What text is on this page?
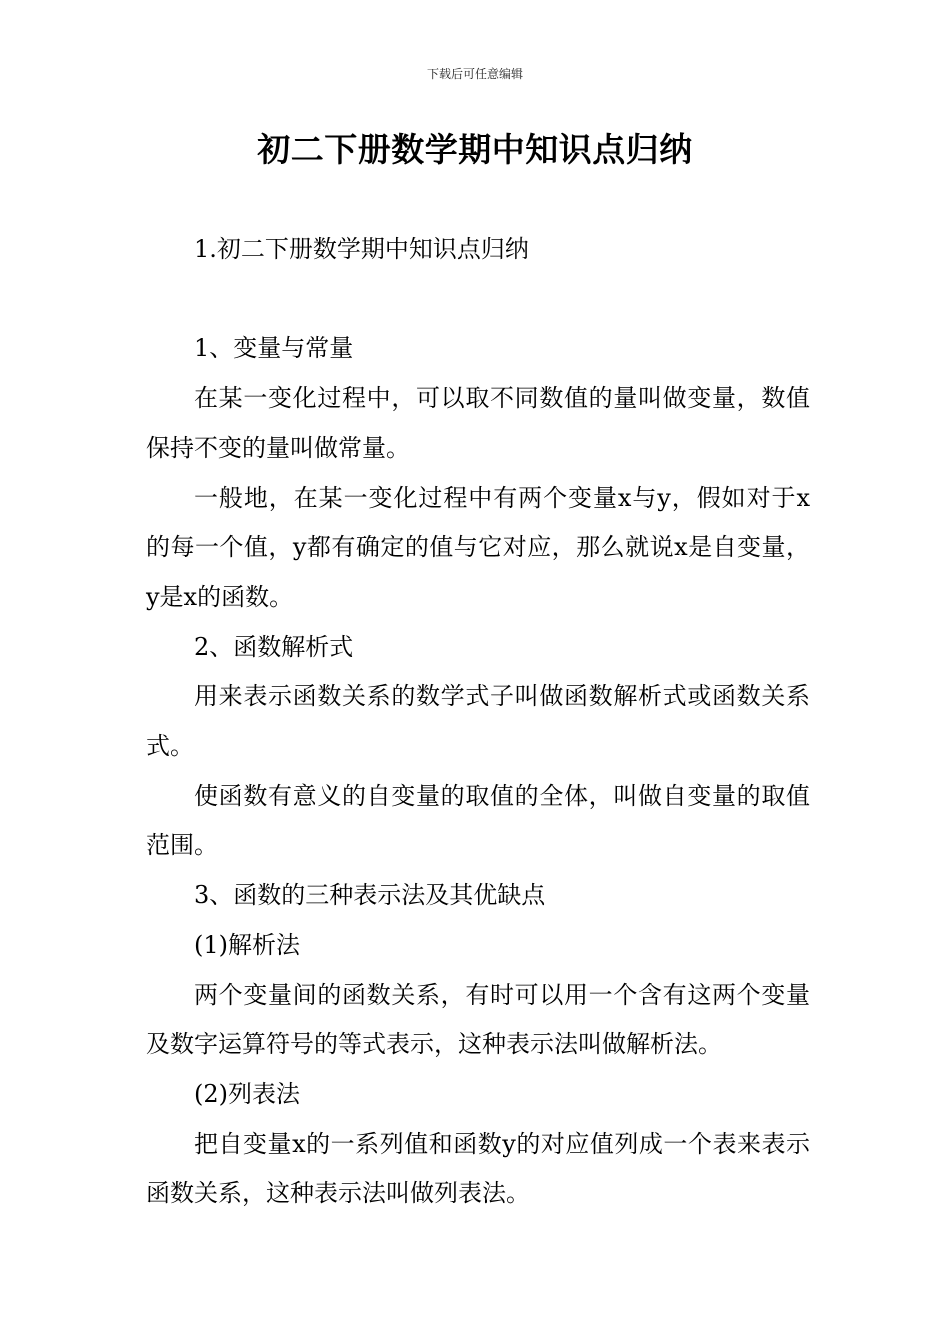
下载后可任意编辑
初二下册数学期中知识点归纳

1.初二下册数学期中知识点归纳

1、变量与常量

在某一变化过程中，可以取不同数值的量叫做变量，数值保持不变的量叫做常量。

一般地，在某一变化过程中有两个变量x与y，假如对于x的每一个值，y都有确定的值与它对应，那么就说x是自变量，y是x的函数。

2、函数解析式

用来表示函数关系的数学式子叫做函数解析式或函数关系式。

使函数有意义的自变量的取值的全体，叫做自变量的取值范围。

3、函数的三种表示法及其优缺点

(1)解析法

两个变量间的函数关系，有时可以用一个含有这两个变量及数字运算符号的等式表示，这种表示法叫做解析法。

(2)列表法

把自变量x的一系列值和函数y的对应值列成一个表来表示函数关系，这种表示法叫做列表法。
